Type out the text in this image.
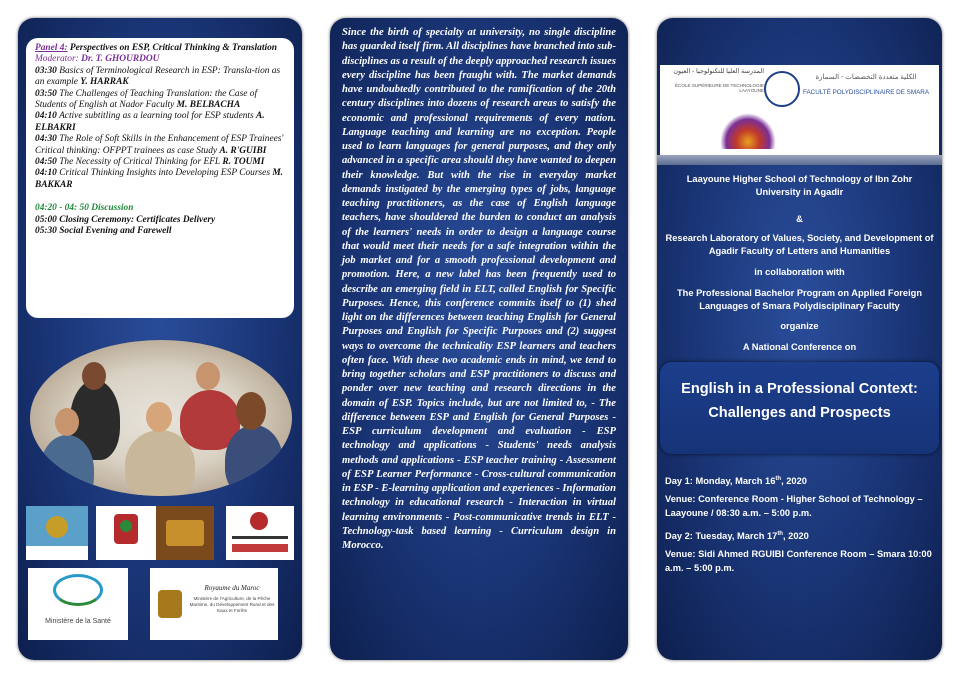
Panel 4: Perspectives on ESP, Critical Thinking & Translation

Moderator: Dr. T. GHOURDOU

03:30 Basics of Terminological Research in ESP: Transla-tion as an example Y. HARRAK

03:50 The Challenges of Teaching Translation: the Case of Students of English at Nador Faculty M. BELBACHA

04:10 Active subtitling as a learning tool for ESP students A. ELBAKRI

04:30 The Role of Soft Skills in the Enhancement of ESP Trainees' Critical thinking: OFPPT trainees as case Study A. R'GUIBI

04:50 The Necessity of Critical Thinking for EFL R. TOUMI

04:10 Critical Thinking Insights into Developing ESP Courses M. BAKKAR

04:20 - 04: 50 Discussion

05:00 Closing Ceremony: Certificates Delivery

05:30 Social Evening and Farewell

Ministère de la Santé
Royaume du Maroc
Ministère de l'Agriculture, de la Pêche Maritime, du Développement Rural et des Eaux et Forêts

Since the birth of specialty at university, no single discipline has guarded itself firm. All disciplines have branched into sub-disciplines as a result of the deeply approached research issues every discipline has been fraught with. The market demands have undoubtedly contributed to the ramification of the 20th century disciplines into dozens of research areas to satisfy the economic and professional requirements of every nation. Language teaching and learning are no exception. People used to learn languages for general purposes, and they only advanced in a specific area should they have wanted to deepen their knowledge. But with the rise in everyday market demands instigated by the emerging types of jobs, language teaching practitioners, as the case of English language teachers, have shouldered the burden to conduct an analysis of the learners' needs in order to design a language course that would meet their needs for a safe integration within the job market and for a smooth professional development and promotion. Here, a new label has been frequently used to describe an emerging field in ELT, called English for Specific Purposes. Hence, this conference commits itself to (1) shed light on the differences between teaching English for General Purposes and English for Specific Purposes and (2) suggest ways to overcome the technicality ESP learners and teachers often face. With these two academic ends in mind, we tend to bring together scholars and ESP practitioners to discuss and ponder over new teaching and research directions in the domain of ESP. Topics include, but are not limited to, - The difference between ESP and English for General Purposes - ESP curriculum development and evaluation - ESP technology and applications - Students' needs analysis methods and applications - ESP teacher training - Assessment of ESP Learner Performance - Cross-cultural communication in ESP - E-learning application and experiences - Information technology in educational research - Interaction in virtual learning environments - Post-communicative trends in ELT - Technology-task based learning - Curriculum design in Morocco.

المدرسة العليا للتكنولوجيا - العيون
ÉCOLE SUPÉRIEURE DE TECHNOLOGIE LAAYOUNE
الكلية متعددة التخصصات - السمارة
FACULTÉ POLYDISCIPLINAIRE DE SMARA

Laayoune Higher School of Technology of Ibn Zohr University in Agadir

&

Research Laboratory of Values, Society, and Development of Agadir Faculty of Letters and Humanities

in collaboration with

The Professional Bachelor Program on Applied Foreign Languages of Smara Polydisciplinary Faculty

organize

A National Conference on

English in a Professional Context: Challenges and Prospects

Day 1: Monday, March 16th, 2020

Venue: Conference Room - Higher School of Technology – Laayoune / 08:30 a.m. – 5:00 p.m.

Day 2: Tuesday, March 17th, 2020

Venue: Sidi Ahmed RGUIBI Conference Room – Smara 10:00 a.m. – 5:00 p.m.
